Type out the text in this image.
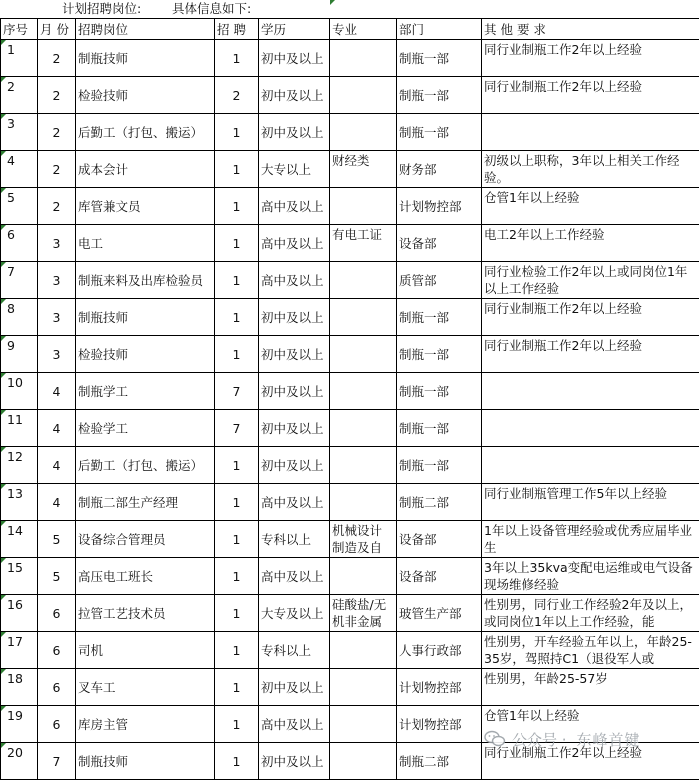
计划招聘岗位: 具体信息如下:
序号	月 份	招聘岗位	招 聘	学历	专业	部门	其 他 要 求

1	2	制瓶技师	1	初中及以上		制瓶一部	同行业制瓶工作2年以上经验

2	2	检验技师	2	初中及以上		制瓶一部	同行业制瓶工作2年以上经验

3	2	后勤工（打包、搬运）	1	初中及以上		制瓶一部	

4	2	成本会计	1	大专以上	财经类	财务部	初级以上职称，3年以上相关工作经验。

5	2	库管兼文员	1	高中及以上		计划物控部	仓管1年以上经验

6	3	电工	1	高中及以上	有电工证	设备部	电工2年以上工作经验

7	3	制瓶来料及出库检验员	1	高中及以上		质管部	同行业检验工作2年以上或同岗位1年以上工作经验

8	3	制瓶技师	1	初中及以上		制瓶一部	同行业制瓶工作2年以上经验

9	3	检验技师	1	初中及以上		制瓶一部	同行业制瓶工作2年以上经验

10	4	制瓶学工	7	初中及以上		制瓶一部	

11	4	检验学工	7	初中及以上		制瓶一部	

12	4	后勤工（打包、搬运）	1	初中及以上		制瓶一部	

13	4	制瓶二部生产经理	1	高中及以上		制瓶二部	同行业制瓶管理工作5年以上经验

14	5	设备综合管理员	1	专科以上	机械设计制造及自	设备部	1年以上设备管理经验或优秀应届毕业生

15	5	高压电工班长	1	高中及以上		设备部	3年以上35kva变配电运维或电气设备现场维修经验

16	6	拉管工艺技术员	1	大专及以上	硅酸盐/无机非金属	玻管生产部	性别男，同行业工作经验2年及以上，或同岗位1年以上工作经验，能

17	6	司机	1	专科以上		人事行政部	性别男，开车经验五年以上，年龄25-35岁，驾照持C1（退役军人或

18	6	叉车工	1	初中及以上		计划物控部	性别男，年龄25-57岁

19	6	库房主管	1	高中及以上		计划物控部	仓管1年以上经验

20	7	制瓶技师	1	初中及以上		制瓶二部	同行业制瓶工作2年以上经验
公众号 · 东峰首键
